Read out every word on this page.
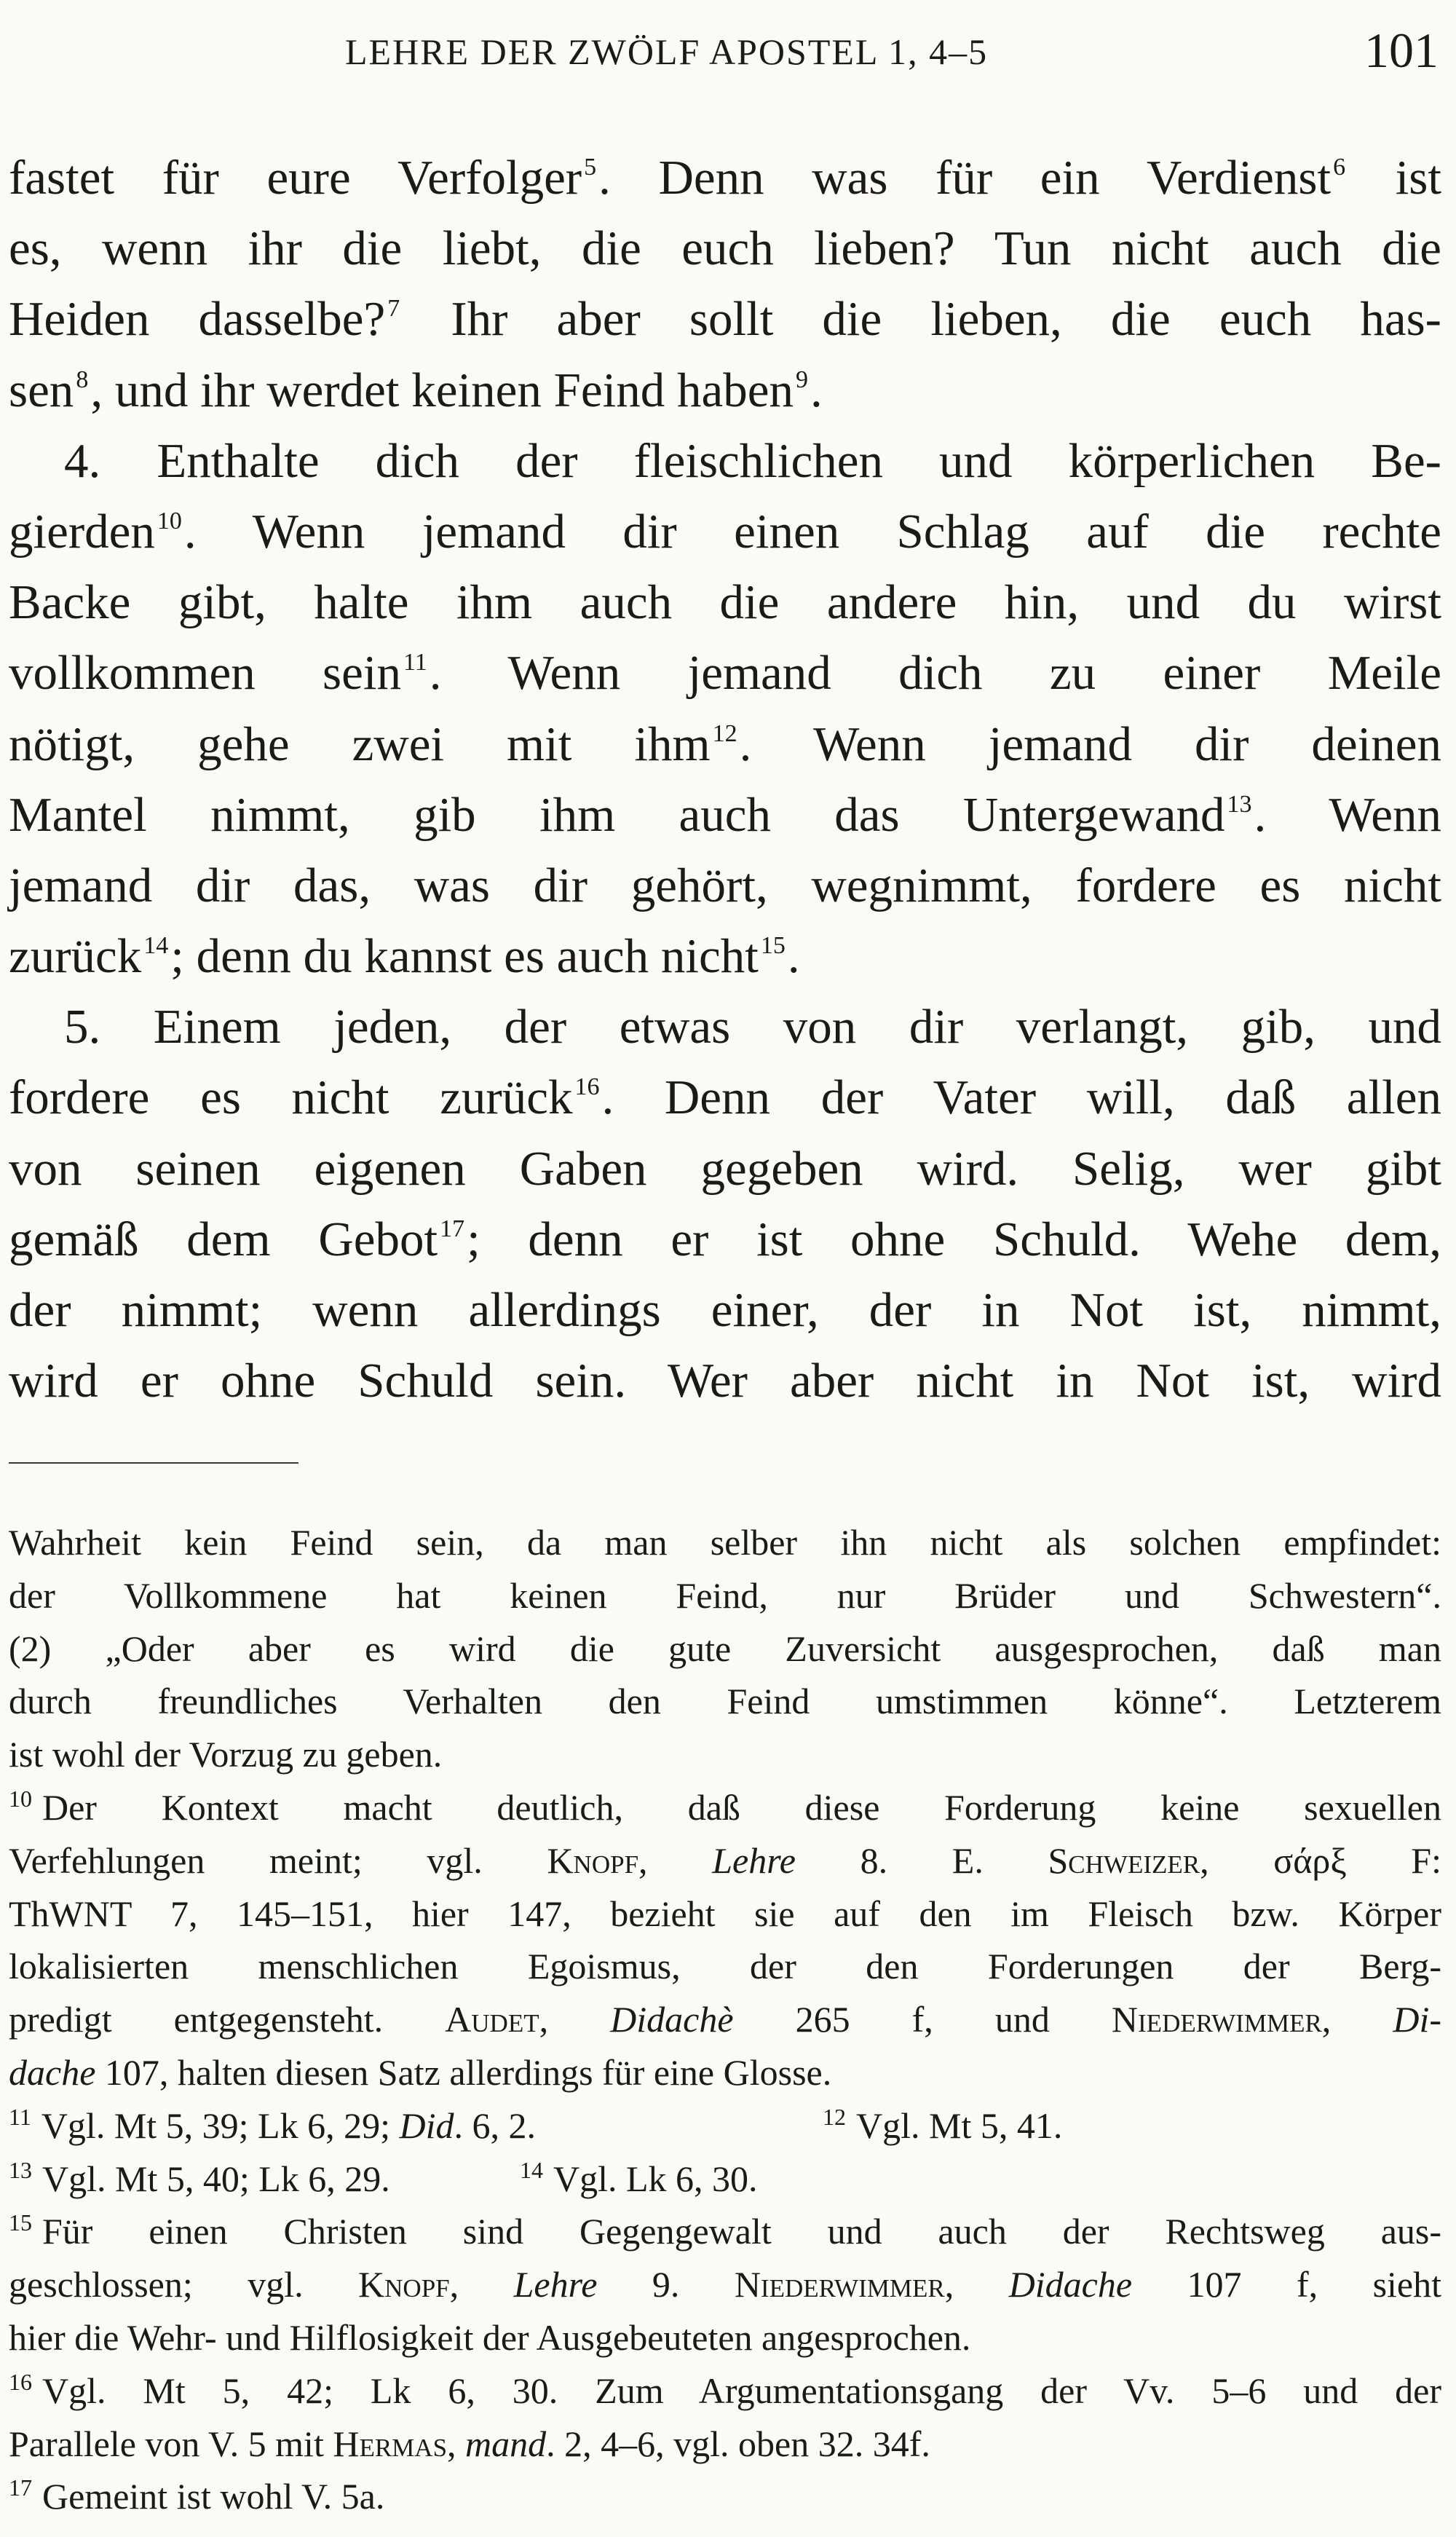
LEHRE DER ZWÖLF APOSTEL 1, 4–5	101
fastet für eure Verfolger$^5$. Denn was für ein Verdienst$^6$ ist
es, wenn ihr die liebt, die euch lieben? Tun nicht auch die
Heiden dasselbe?$^7$ Ihr aber sollt die lieben, die euch has-
sen$^8$, und ihr werdet keinen Feind haben$^9$.
4. Enthalte dich der fleischlichen und körperlichen Be-
gierden$^{10}$. Wenn jemand dir einen Schlag auf die rechte
Backe gibt, halte ihm auch die andere hin, und du wirst
vollkommen sein$^{11}$. Wenn jemand dich zu einer Meile
nötigt, gehe zwei mit ihm$^{12}$. Wenn jemand dir deinen
Mantel nimmt, gib ihm auch das Untergewand$^{13}$. Wenn
jemand dir das, was dir gehört, wegnimmt, fordere es nicht
zurück$^{14}$; denn du kannst es auch nicht$^{15}$.
5. Einem jeden, der etwas von dir verlangt, gib, und
fordere es nicht zurück$^{16}$. Denn der Vater will, daß allen
von seinen eigenen Gaben gegeben wird. Selig, wer gibt
gemäß dem Gebot$^{17}$; denn er ist ohne Schuld. Wehe dem,
der nimmt; wenn allerdings einer, der in Not ist, nimmt,
wird er ohne Schuld sein. Wer aber nicht in Not ist, wird
Wahrheit kein Feind sein, da man selber ihn nicht als solchen empfindet:
der Vollkommene hat keinen Feind, nur Brüder und Schwestern“.
(2) „Oder aber es wird die gute Zuversicht ausgesprochen, daß man
durch freundliches Verhalten den Feind umstimmen könne“. Letzterem
ist wohl der Vorzug zu geben.
$^{10}$ Der Kontext macht deutlich, daß diese Forderung keine sexuellen
Verfehlungen meint; vgl. Knopf, Lehre 8. E. Schweizer, σάρξ F:
ThWNT 7, 145–151, hier 147, bezieht sie auf den im Fleisch bzw. Körper
lokalisierten menschlichen Egoismus, der den Forderungen der Berg-
predigt entgegensteht. Audet, Didachè 265 f, und Niederwimmer, Di-
dache 107, halten diesen Satz allerdings für eine Glosse.
$^{11}$ Vgl. Mt 5, 39; Lk 6, 29; Did. 6, 2.	$^{12}$ Vgl. Mt 5, 41.
$^{13}$ Vgl. Mt 5, 40; Lk 6, 29.	$^{14}$ Vgl. Lk 6, 30.
$^{15}$ Für einen Christen sind Gegengewalt und auch der Rechtsweg aus-
geschlossen; vgl. Knopf, Lehre 9. Niederwimmer, Didache 107 f, sieht
hier die Wehr- und Hilflosigkeit der Ausgebeuteten angesprochen.
$^{16}$ Vgl. Mt 5, 42; Lk 6, 30. Zum Argumentationsgang der Vv. 5–6 und der
Parallele von V. 5 mit Hermas, mand. 2, 4–6, vgl. oben 32. 34f.
$^{17}$ Gemeint ist wohl V. 5a.
